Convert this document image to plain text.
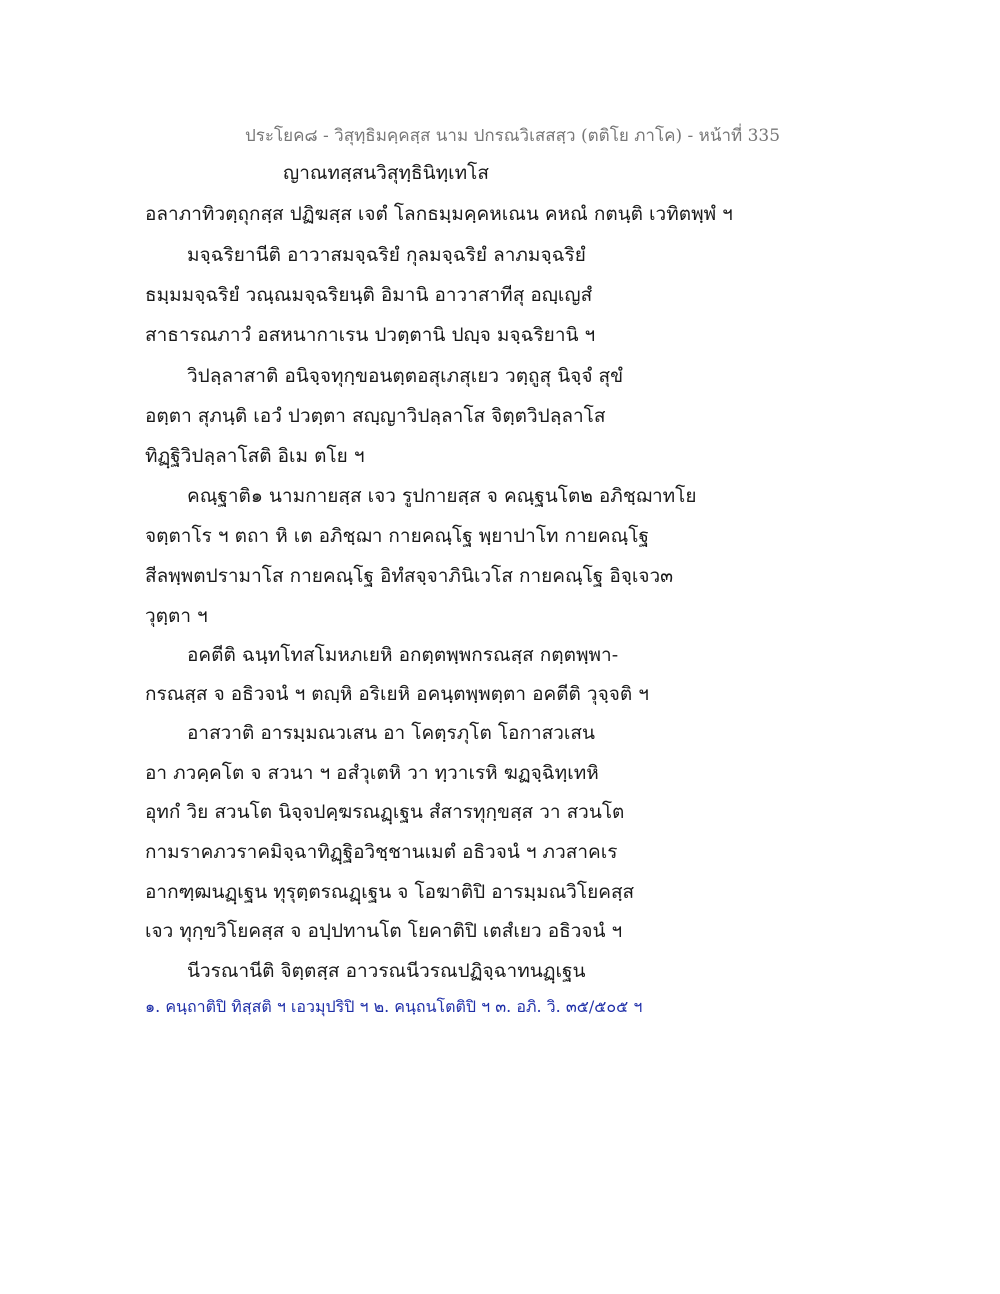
ประโยค๘ - วิสุทฺธิมคฺคสฺส นาม ปกรณวิเสสสฺว (ตติโย ภาโค) - หน้าที่ 335
ญาณทสฺสนวิสุทฺธินิทฺเทโส
อลาภาทิวตฺถุกสฺส ปฏิฆสฺส เจตํ โลกธมฺมคฺคหเณน คหณํ กตนฺติ เวทิตพฺพํ ฯ
มจฺฉริยานีติ อาวาสมจฺฉริยํ กุลมจฺฉริยํ ลาภมจฺฉริยํ
ธมฺมมจฺฉริยํ วณฺณมจฺฉริยนฺติ อิมานิ อาวาสาทีสุ อญฺเญสํ
สาธารณภาวํ อสหนากาเรน ปวตฺตานิ ปญฺจ มจฺฉริยานิ ฯ
วิปลฺลาสาติ อนิจฺจทุกฺขอนตฺตอสุเภสุเยว วตฺถูสุ นิจฺจํ สุขํ
อตฺตา สุภนฺติ เอวํ ปวตฺตา สญฺญาวิปลฺลาโส จิตฺตวิปลฺลาโส
ทิฏฺฐิวิปลฺลาโสติ อิเม ตโย ฯ
คณฺฐาติ๑ นามกายสฺส เจว รูปกายสฺส จ คณฺฐนโต๒ อภิชฺฌาทโย
จตฺตาโร ฯ ตถา หิ เต อภิชฺฌา กายคณฺโฐ พฺยาปาโท กายคณฺโฐ
สีลพฺพตปรามาโส กายคณฺโฐ อิทํสจฺจาภินิเวโส กายคณฺโฐ อิจฺเจว๓
วุตฺตา ฯ
อคตีติ ฉนฺทโทสโมหภเยหิ อกตฺตพฺพกรณสฺส กตฺตพฺพา-
กรณสฺส จ อธิวจนํ ฯ ตญฺหิ อริเยหิ อคนฺตพฺพตฺตา อคตีติ วุจฺจติ ฯ
อาสวาติ อารมฺมณวเสน อา โคตฺรภุโต โอกาสวเสน
อา ภวคฺคโต จ สวนา ฯ อสํวุเตหิ วา ทฺวาเรหิ ฆฏจฺฉิทฺเทหิ
อุทกํ วิย สวนโต นิจฺจปคฺฆรณฏฺเฐน สํสารทุกฺขสฺส วา สวนโต
กามราคภวราคมิจฺฉาทิฏฺฐิอวิชฺชานเมตํ อธิวจนํ ฯ ภวสาคเร
อากฑฺฒนฏฺเฐน ทุรุตฺตรณฏฺเฐน จ โอฆาติปิ อารมฺมณวิโยคสฺส
เจว ทุกฺขวิโยคสฺส จ อปฺปทานโต โยคาติปิ เตสํเยว อธิวจนํ ฯ
นีวรณานีติ จิตฺตสฺส อาวรณนีวรณปฏิจฺฉาทนฏฺเฐน
๑. คนฺถาติปิ ทิสฺสติ ฯ เอวมุปริปิ ฯ ๒. คนฺถนโตติปิ ฯ ๓. อภิ. วิ. ๓๕/๕๐๕ ฯ
